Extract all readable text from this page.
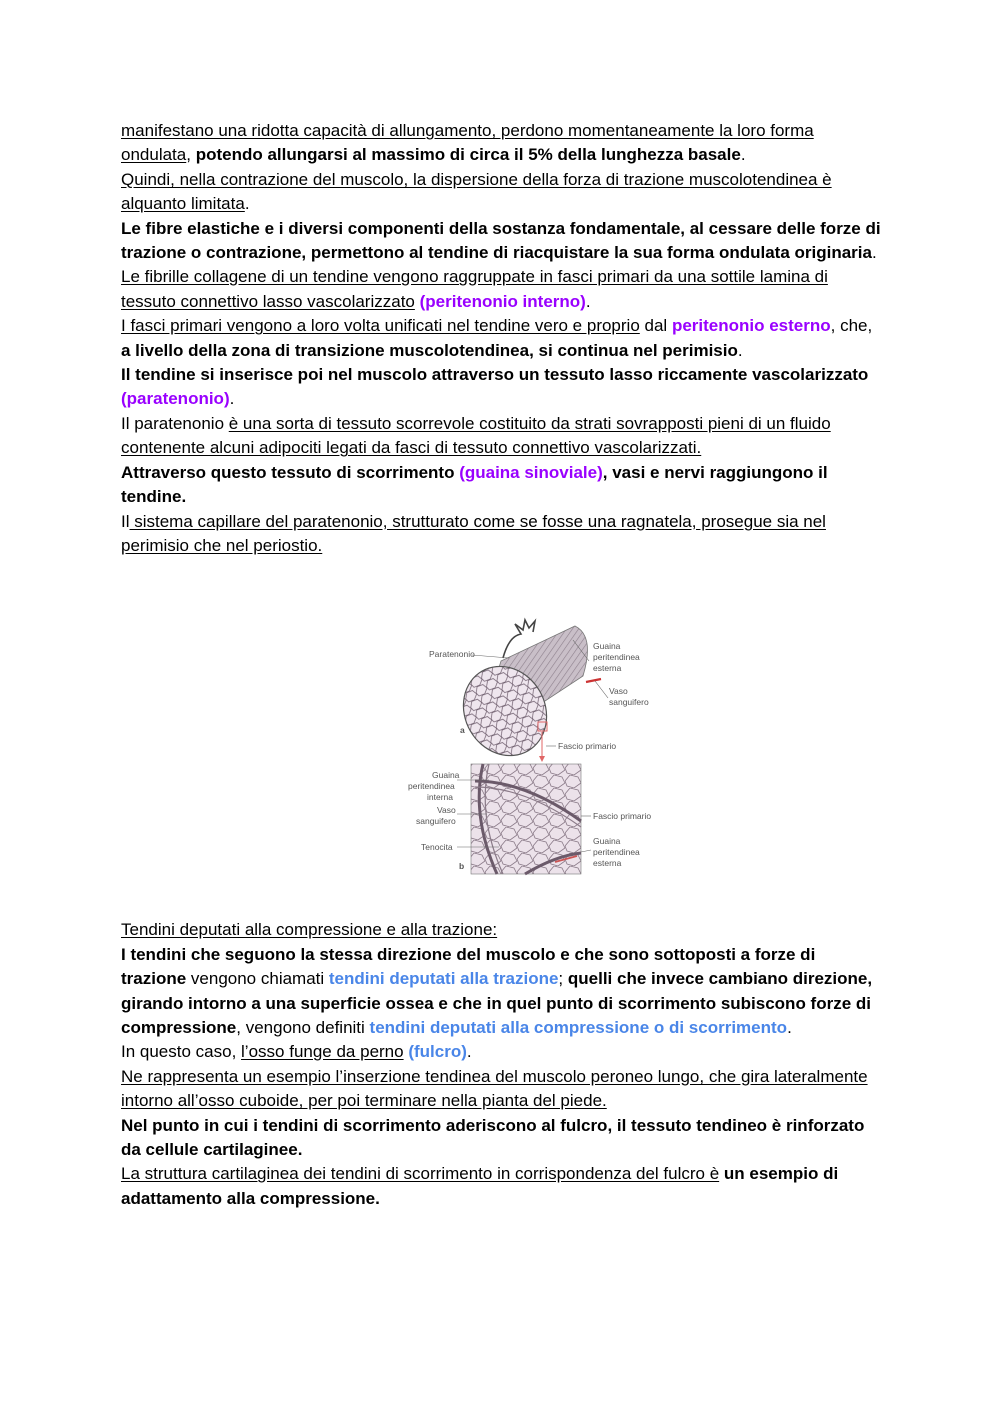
manifestano una ridotta capacità di allungamento, perdono momentaneamente la loro forma ondulata, potendo allungarsi al massimo di circa il 5% della lunghezza basale.

Quindi, nella contrazione del muscolo, la dispersione della forza di trazione muscolotendinea è alquanto limitata.

Le fibre elastiche e i diversi componenti della sostanza fondamentale, al cessare delle forze di trazione o contrazione, permettono al tendine di riacquistare la sua forma ondulata originaria.

Le fibrille collagene di un tendine vengono raggruppate in fasci primari da una sottile lamina di tessuto connettivo lasso vascolarizzato (peritenonio interno).

I fasci primari vengono a loro volta unificati nel tendine vero e proprio dal peritenonio esterno, che, a livello della zona di transizione muscolotendinea, si continua nel perimisio.

Il tendine si inserisce poi nel muscolo attraverso un tessuto lasso riccamente vascolarizzato (paratenonio).

Il paratenonio è una sorta di tessuto scorrevole costituito da strati sovrapposti pieni di un fluido contenente alcuni adipociti legati da fasci di tessuto connettivo vascolarizzati.

Attraverso questo tessuto di scorrimento (guaina sinoviale), vasi e nervi raggiungono il tendine.

Il sistema capillare del paratenonio, strutturato come se fosse una ragnatela, prosegue sia nel perimisio che nel periostio.

Paratenonio
Guaina
peritendinea
esterna
Vaso
sanguifero
a
Fascio primario
Guaina
peritendinea
interna
Vaso
sanguifero
Tenocita
b
Fascio primario
Guaina
peritendinea
esterna

Tendini deputati alla compressione e alla trazione:

I tendini che seguono la stessa direzione del muscolo e che sono sottoposti a forze di trazione vengono chiamati tendini deputati alla trazione; quelli che invece cambiano direzione, girando intorno a una superficie ossea e che in quel punto di scorrimento subiscono forze di compressione, vengono definiti tendini deputati alla compressione o di scorrimento.

In questo caso, l’osso funge da perno (fulcro).

Ne rappresenta un esempio l’inserzione tendinea del muscolo peroneo lungo, che gira lateralmente intorno all’osso cuboide, per poi terminare nella pianta del piede.

Nel punto in cui i tendini di scorrimento aderiscono al fulcro, il tessuto tendineo è rinforzato da cellule cartilaginee.

La struttura cartilaginea dei tendini di scorrimento in corrispondenza del fulcro è un esempio di adattamento alla compressione.
